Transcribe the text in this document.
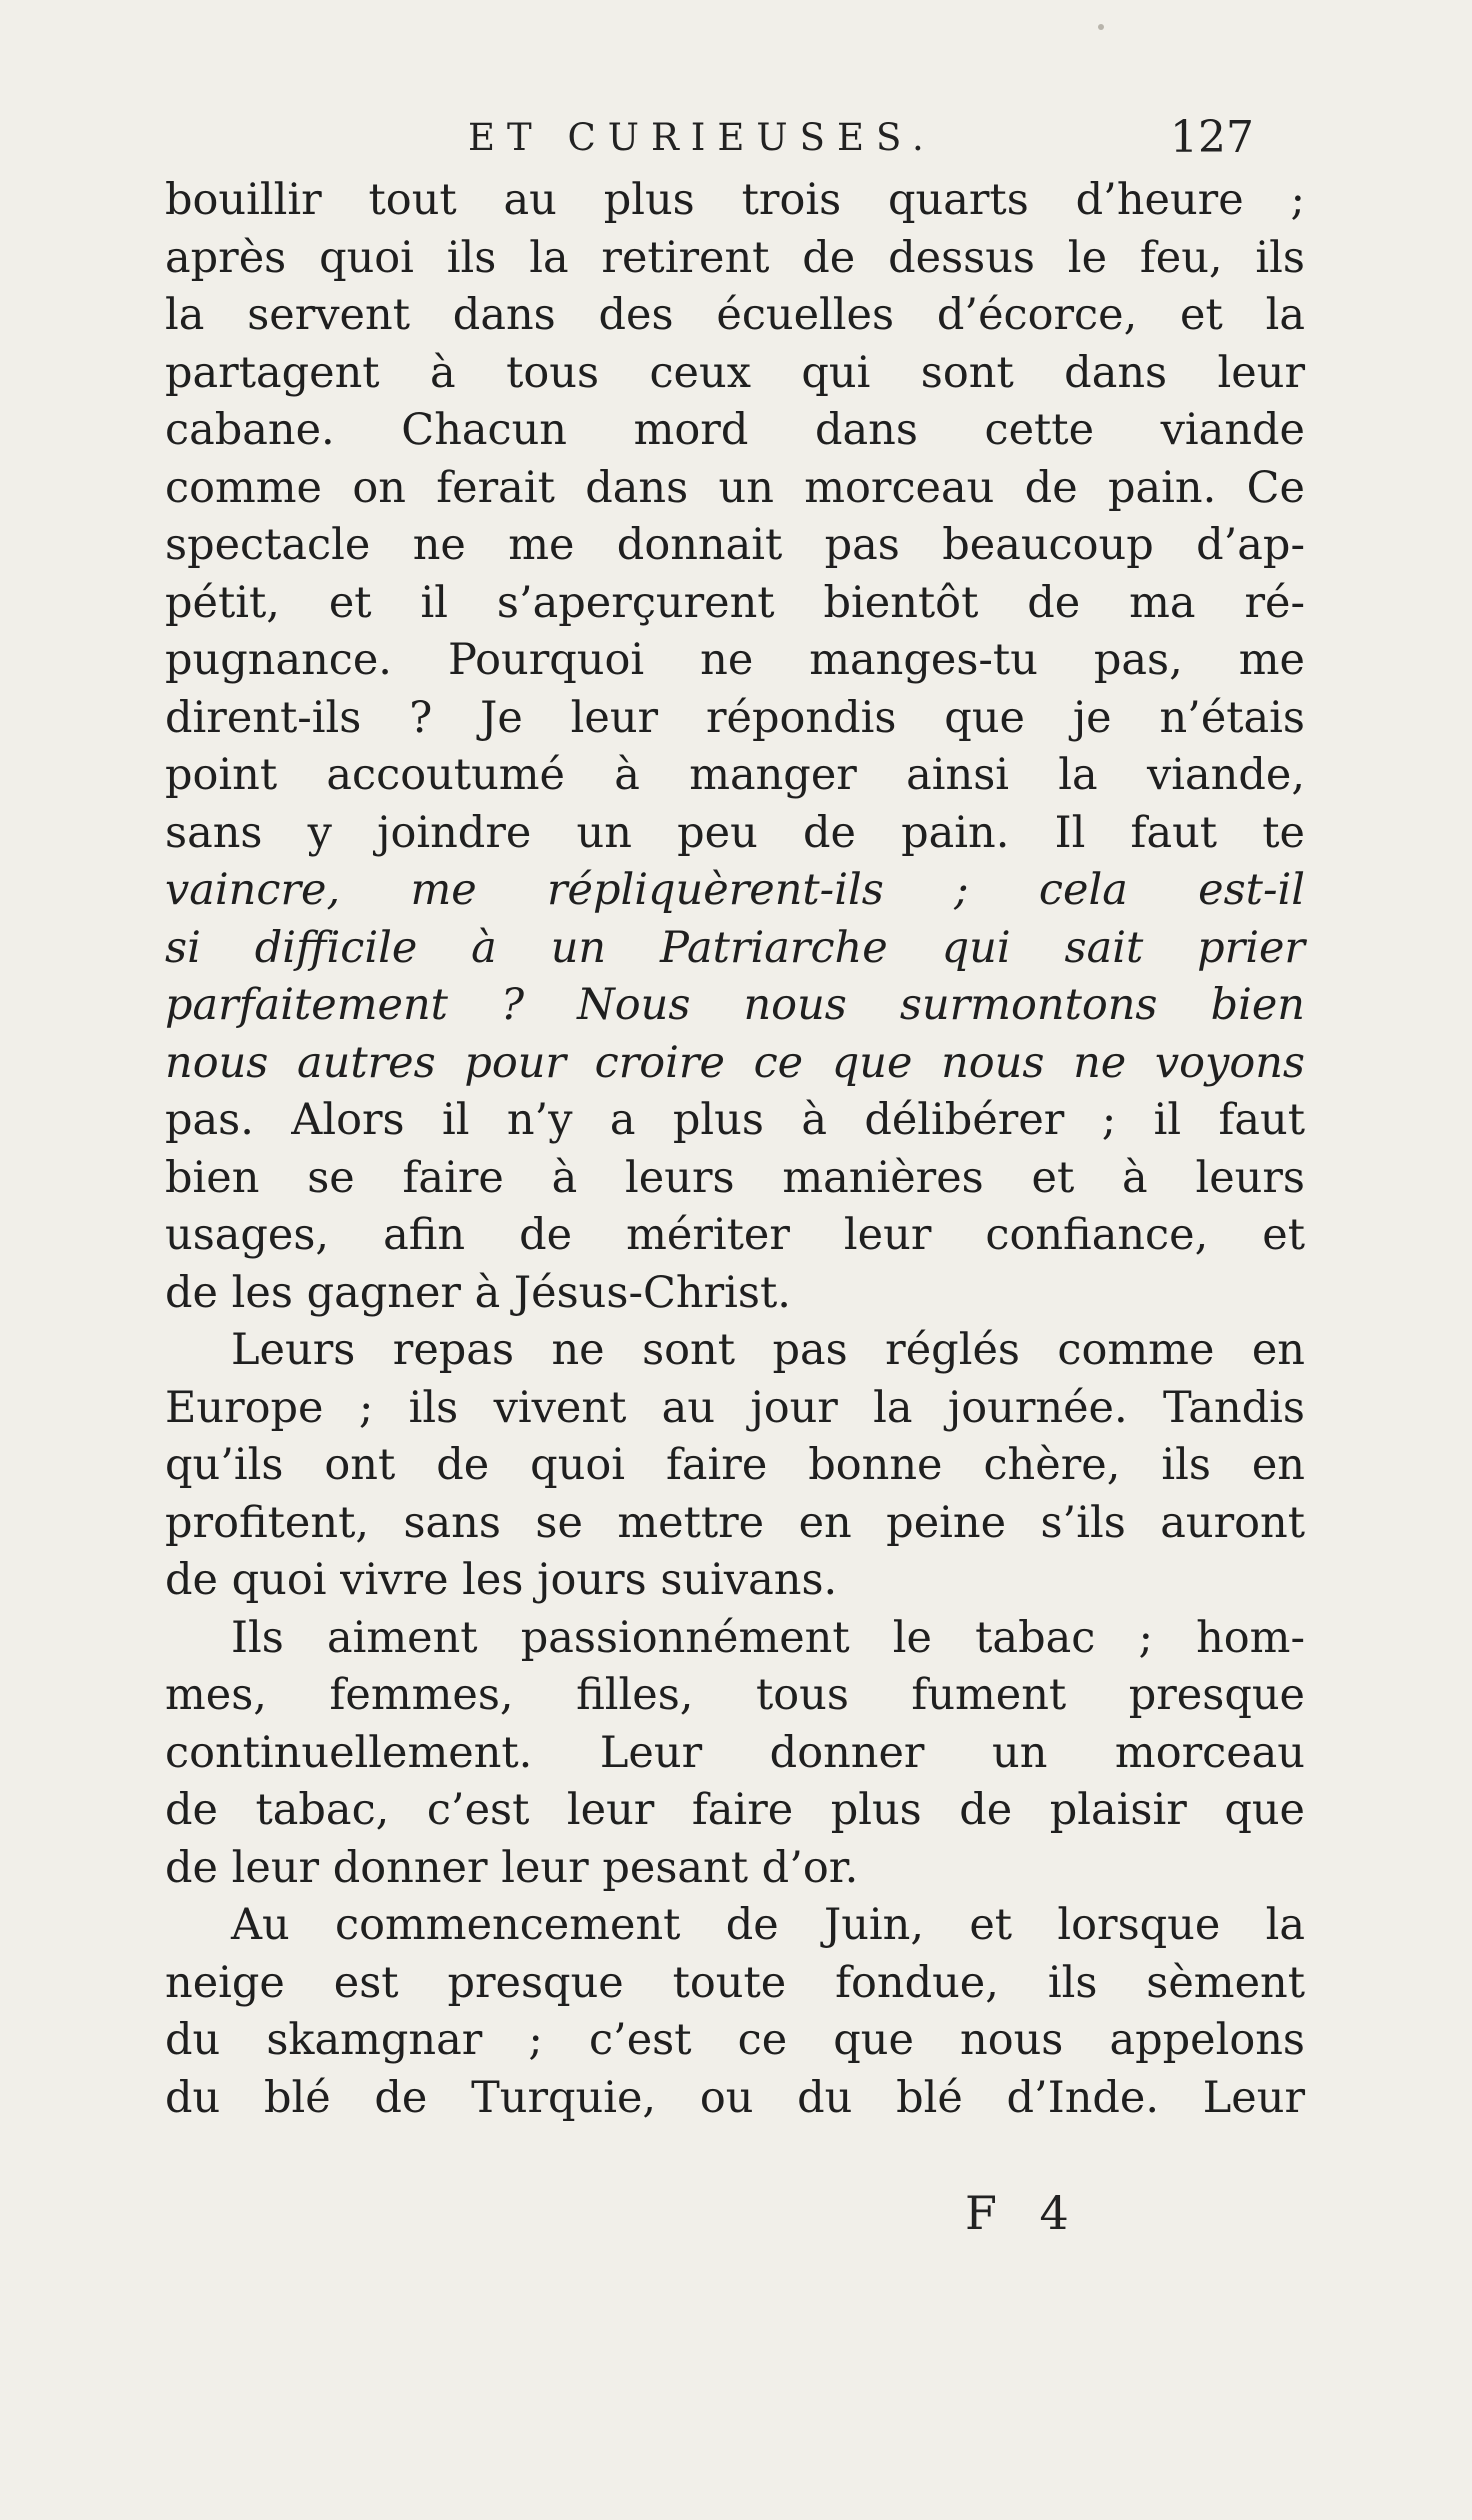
ET CURIEUSES.	127
bouillir tout au plus trois quarts d’heure ;
après quoi ils la retirent de dessus le feu, ils
la servent dans des écuelles d’écorce, et la
partagent à tous ceux qui sont dans leur
cabane. Chacun mord dans cette viande
comme on ferait dans un morceau de pain. Ce
spectacle ne me donnait pas beaucoup d’ap-
pétit, et il s’aperçurent bientôt de ma ré-
pugnance. Pourquoi ne manges-tu pas, me
dirent-ils ? Je leur répondis que je n’étais
point accoutumé à manger ainsi la viande,
sans y joindre un peu de pain. Il faut te
vaincre, me répliquèrent-ils ; cela est-il
si difficile à un Patriarche qui sait prier
parfaitement ? Nous nous surmontons bien
nous autres pour croire ce que nous ne voyons
pas. Alors il n’y a plus à délibérer ; il faut
bien se faire à leurs manières et à leurs
usages, afin de mériter leur confiance, et
de les gagner à Jésus-Christ.
Leurs repas ne sont pas réglés comme en
Europe ; ils vivent au jour la journée. Tandis
qu’ils ont de quoi faire bonne chère, ils en
profitent, sans se mettre en peine s’ils auront
de quoi vivre les jours suivans.
Ils aiment passionnément le tabac ; hom-
mes, femmes, filles, tous fument presque
continuellement. Leur donner un morceau
de tabac, c’est leur faire plus de plaisir que
de leur donner leur pesant d’or.
Au commencement de Juin, et lorsque la
neige est presque toute fondue, ils sèment
du skamgnar ; c’est ce que nous appelons
du blé de Turquie, ou du blé d’Inde. Leur
F 4
